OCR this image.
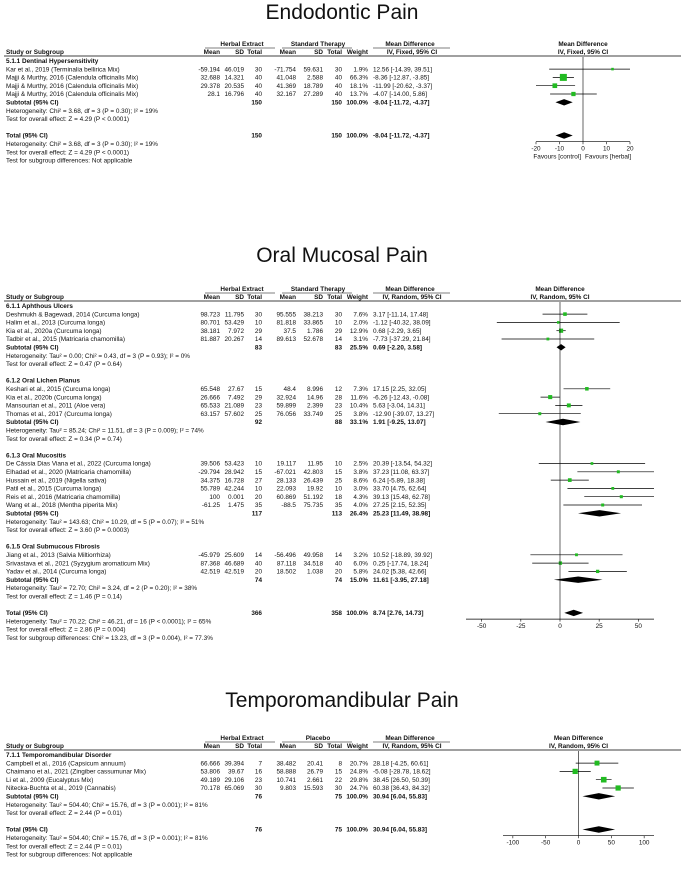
Endodontic Pain
Herbal Extract	Standard Therapy	Mean Difference	Mean Difference
Study or Subgroup	Mean SD Total	Mean	SD Total Weight	IV, Fixed, 95% CI	IV, Fixed, 95% CI
5.1.1 Dentinal Hypersensitivity
Kar et al., 2019 (Terminalia bellirica Mix)	-59.194 46.019 30 -71.754 59.631 30 1.9% 12.56 [-14.39, 39.51]
Majji & Murthy, 2016 (Calendula officinalis Mix)	32.688 14.321 40 41.048 2.588 40 66.3% -8.36 [-12.87, -3.85]
Majji & Murthy, 2016 (Calendula officinalis Mix)	29.378 20.535 40 41.369 18.789 40 18.1% -11.99 [-20.62, -3.37]
Majji & Murthy, 2016 (Calendula officinalis Mix)	28.1 16.796 40 32.167 27.289 40 13.7% -4.07 [-14.00, 5.86]
Subtotal (95% CI)	150	150 100.0% -8.04 [-11.72, -4.37]
Heterogeneity: Chi² = 3.68, df = 3 (P = 0.30); I² = 19%
Test for overall effect: Z = 4.29 (P < 0.0001)
Total (95% CI)	150	150 100.0% -8.04 [-11.72, -4.37]
Heterogeneity: Chi² = 3.68, df = 3 (P = 0.30); I² = 19%
Test for overall effect: Z = 4.29 (P < 0.0001)
Test for subgroup differences: Not applicable
-20 -10	0	10	20
Favours [control] Favours [herbal]
Oral Mucosal Pain
Herbal Extract	Standard Therapy	Mean Difference	Mean Difference
Study or Subgroup	Mean SD Total	Mean	SD Total Weight IV, Random, 95% CI	IV, Random, 95% CI
6.1.1 Aphthous Ulcers
Deshmukh & Bagewadi, 2014 (Curcuma longa)	98.723 11.795 30 95.555 38.213 30 7.6% 3.17 [-11.14, 17.48]
Halim et al., 2013 (Curcuma longa)	80.701 53.429 10 81.818 33.865 10 2.0% -1.12 [-40.32, 38.09]
Kia et al., 2020a (Curcuma longa)	38.181 7.972 29	37.5 1.786 29 12.9% 0.68 [-2.29, 3.65]
Tadbir et al., 2015 (Matricaria chamomilla)	81.887 20.267 14 89.613 52.678 14 3.1% -7.73 [-37.29, 21.84]
Subtotal (95% CI)	83	83 25.5% 0.69 [-2.20, 3.58]
Heterogeneity: Tau² = 0.00; Chi² = 0.43, df = 3 (P = 0.93); I² = 0%
Test for overall effect: Z = 0.47 (P = 0.64)
6.1.2 Oral Lichen Planus
Keshari et al., 2015 (Curcuma longa)	65.548 27.67 15	48.4 8.996 12 7.3% 17.15 [2.25, 32.05]
Kia et al., 2020b (Curcuma longa)	26.666 7.492 29 32.924 14.96 28 11.6% -6.26 [-12.43, -0.08]
Mansourian et al., 2011 (Aloe vera)	65.533 21.089 23 59.899 2.399 23 10.4% 5.63 [-3.04, 14.31]
Thomas et al., 2017 (Curcuma longa)	63.157 57.602 25 76.056 33.749 25 3.8% -12.90 [-39.07, 13.27]
Subtotal (95% CI)	92	88 33.1% 1.91 [-9.25, 13.07]
Heterogeneity: Tau² = 85.24; Chi² = 11.51, df = 3 (P = 0.009); I² = 74%
Test for overall effect: Z = 0.34 (P = 0.74)
6.1.3 Oral Mucositis
De Cássia Dias Viana et al., 2022 (Curcuma longa)	39.506 53.423 10 19.117 11.95 10 2.5% 20.39 [-13.54, 54.32]
Elhadad et al., 2020 (Matricaria chamomilla)	-29.794 28.942 15 -67.021 42.803 15 3.8% 37.23 [11.08, 63.37]
Hussain et al., 2019 (Nigella sativa)	34.375 16.728 27 28.133 26.439 25 8.6% 6.24 [-5.89, 18.38]
Patil et al., 2015 (Curcuma longa)	55.789 42.244 10 22.093 19.92 10 3.0% 33.70 [4.75, 62.64]
Reis et al., 2016 (Matricaria chamomilla)	100 0.001 20 60.869 51.192 18 4.3% 39.13 [15.48, 62.78]
Wang et al., 2018 (Mentha piperita Mix)	-61.25 1.475 35	-88.5 75.735 35 4.0% 27.25 [2.15, 52.35]
Subtotal (95% CI)	117	113 26.4% 25.23 [11.49, 38.98]
Heterogeneity: Tau² = 143.63; Chi² = 10.29, df = 5 (P = 0.07); I² = 51%
Test for overall effect: Z = 3.60 (P = 0.0003)
6.1.5 Oral Submucous Fibrosis
Jiang et al., 2013 (Salvia Miltiorrhiza)	-45.979 25.609 14 -56.496 49.958 14 3.2% 10.52 [-18.89, 39.92]
Srivastava et al., 2021 (Syzygium aromaticum Mix)	87.368 46.689 40 87.118 34.518 40 6.0% 0.25 [-17.74, 18.24]
Yadav et al., 2014 (Curcuma longa)	42.519 42.519 20 18.502 1.038 20 5.8% 24.02 [5.38, 42.66]
Subtotal (95% CI)	74	74 15.0% 11.61 [-3.95, 27.18]
Heterogeneity: Tau² = 72.70; Chi² = 3.24, df = 2 (P = 0.20); I² = 38%
Test for overall effect: Z = 1.46 (P = 0.14)
Total (95% CI)	366	358 100.0% 8.74 [2.76, 14.73]
Heterogeneity: Tau² = 70.22; Chi² = 46.21, df = 16 (P < 0.0001); I² = 65%
Test for overall effect: Z = 2.86 (P = 0.004)
Test for subgroup differences: Chi² = 13.23, df = 3 (P = 0.004), I² = 77.3%
-50	-25	0	25	50
Temporomandibular Pain
Herbal Extract	Placebo	Mean Difference	Mean Difference
Study or Subgroup	Mean SD Total	Mean	SD Total Weight IV, Random, 95% CI	IV, Random, 95% CI
7.1.1 Temporomandibular Disorder
Campbell et al., 2016 (Capsicum annuum)	66.666 39.394 7 38.482 20.41 8 20.7% 28.18 [-4.25, 60.61]
Chaimano et al., 2021 (Zingiber cassumunar Mix)	53.806 39.67 16 58.888 26.79 15 24.8% -5.08 [-28.78, 18.62]
Li et al., 2009 (Eucalyptus Mix)	49.189 29.106 23 10.741 2.661 22 29.8% 38.45 [26.50, 50.39]
Nitecka-Buchta et al., 2019 (Cannabis)	70.178 65.069 30	9.803 15.593 30 24.7% 60.38 [36.43, 84.32]
Subtotal (95% CI)	76	75 100.0% 30.94 [6.04, 55.83]
Heterogeneity: Tau² = 504.40; Chi² = 15.76, df = 3 (P = 0.001); I² = 81%
Test for overall effect: Z = 2.44 (P = 0.01)
Total (95% CI)	76	75 100.0% 30.94 [6.04, 55.83]
Heterogeneity: Tau² = 504.40; Chi² = 15.76, df = 3 (P = 0.001); I² = 81%
Test for overall effect: Z = 2.44 (P = 0.01)
Test for subgroup differences: Not applicable
-100	-50	0	50	100
